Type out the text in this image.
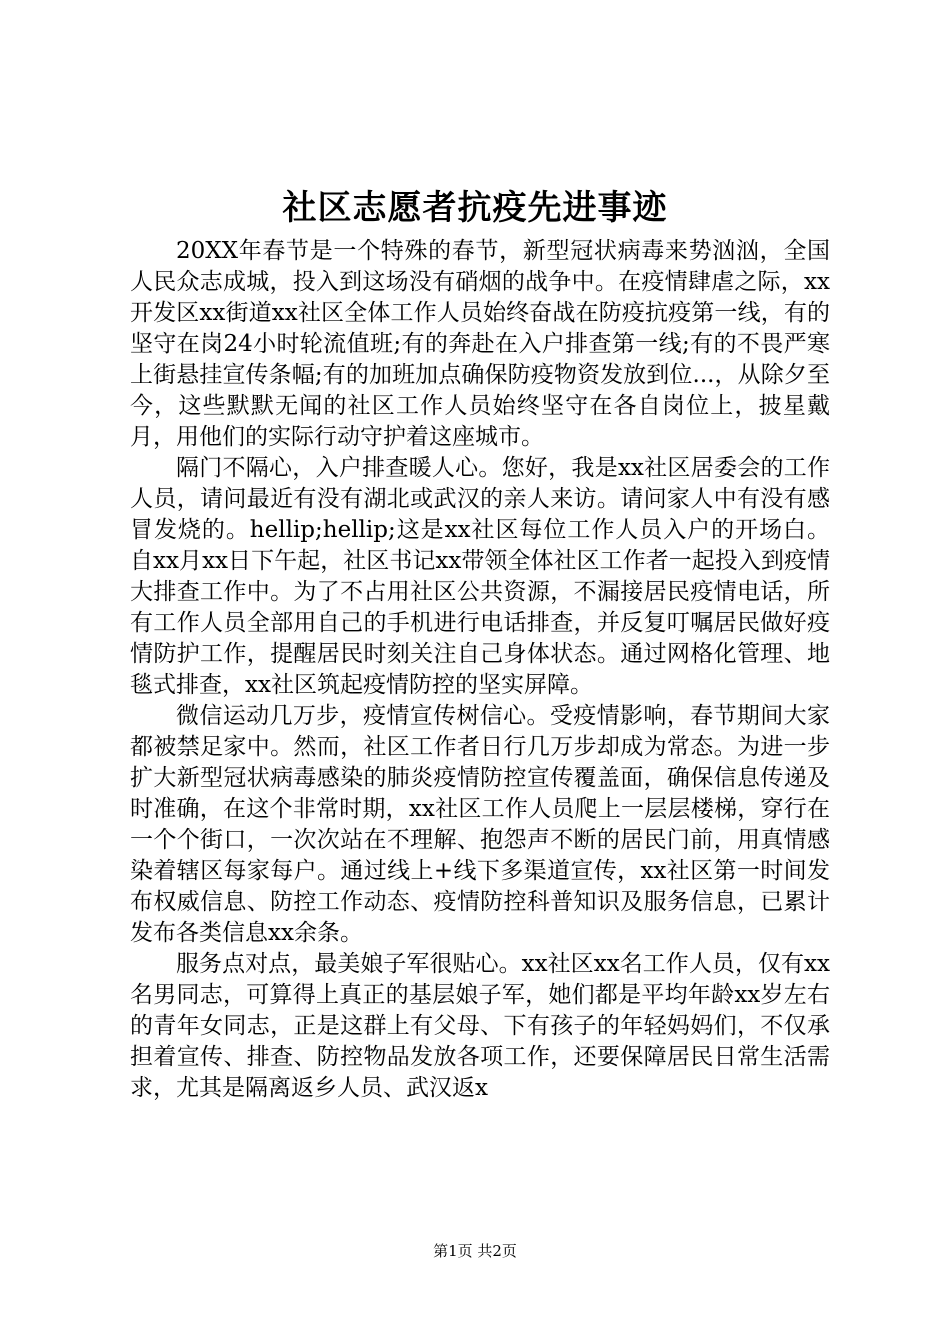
社区志愿者抗疫先进事迹

20XX年春节是一个特殊的春节，新型冠状病毒来势汹汹，全国人民众志成城，投入到这场没有硝烟的战争中。在疫情肆虐之际，xx开发区xx街道xx社区全体工作人员始终奋战在防疫抗疫第一线，有的坚守在岗24小时轮流值班;有的奔赴在入户排查第一线;有的不畏严寒上街悬挂宣传条幅;有的加班加点确保防疫物资发放到位...，从除夕至今，这些默默无闻的社区工作人员始终坚守在各自岗位上，披星戴月，用他们的实际行动守护着这座城市。

隔门不隔心，入户排查暖人心。您好，我是xx社区居委会的工作人员，请问最近有没有湖北或武汉的亲人来访。请问家人中有没有感冒发烧的。hellip;hellip;这是xx社区每位工作人员入户的开场白。自xx月xx日下午起，社区书记xx带领全体社区工作者一起投入到疫情大排查工作中。为了不占用社区公共资源，不漏接居民疫情电话，所有工作人员全部用自己的手机进行电话排查，并反复叮嘱居民做好疫情防护工作，提醒居民时刻关注自己身体状态。通过网格化管理、地毯式排查，xx社区筑起疫情防控的坚实屏障。

微信运动几万步，疫情宣传树信心。受疫情影响，春节期间大家都被禁足家中。然而，社区工作者日行几万步却成为常态。为进一步扩大新型冠状病毒感染的肺炎疫情防控宣传覆盖面，确保信息传递及时准确，在这个非常时期，xx社区工作人员爬上一层层楼梯，穿行在一个个街口，一次次站在不理解、抱怨声不断的居民门前，用真情感染着辖区每家每户。通过线上+线下多渠道宣传，xx社区第一时间发布权威信息、防控工作动态、疫情防控科普知识及服务信息，已累计发布各类信息xx余条。

服务点对点，最美娘子军很贴心。xx社区xx名工作人员，仅有xx名男同志，可算得上真正的基层娘子军，她们都是平均年龄xx岁左右的青年女同志，正是这群上有父母、下有孩子的年轻妈妈们，不仅承担着宣传、排查、防控物品发放各项工作，还要保障居民日常生活需求，尤其是隔离返乡人员、武汉返x

第1页 共2页
